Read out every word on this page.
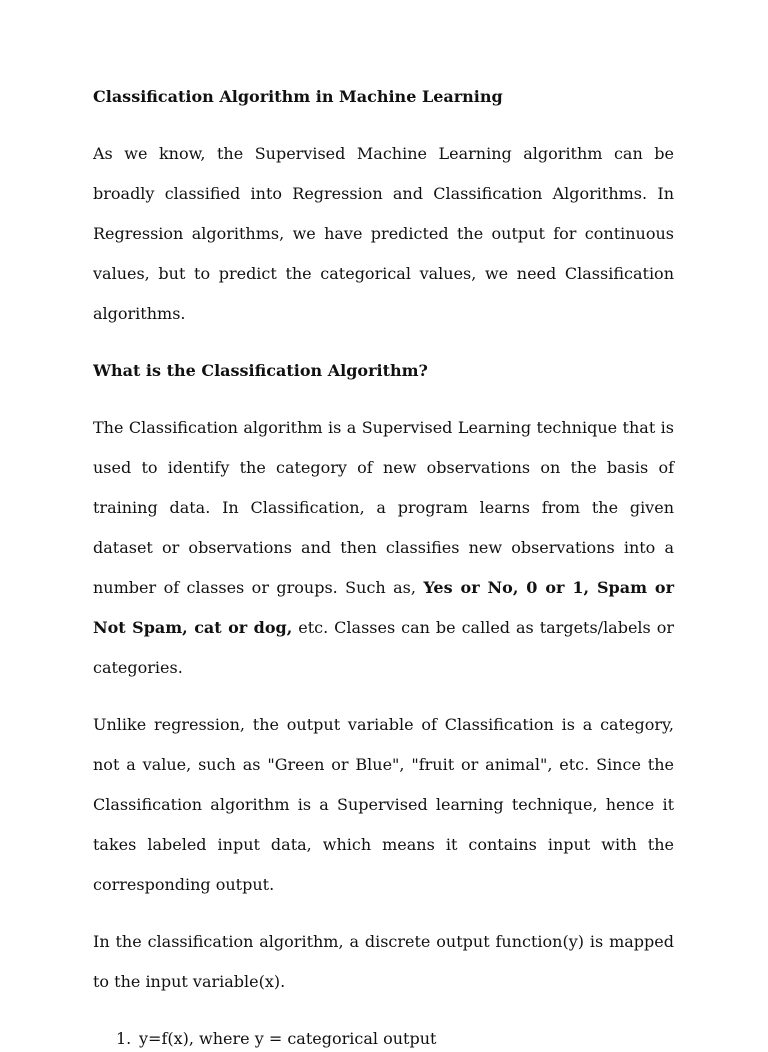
Classification Algorithm in Machine Learning

As we know, the Supervised Machine Learning algorithm can be broadly classified into Regression and Classification Algorithms. In Regression algorithms, we have predicted the output for continuous values, but to predict the categorical values, we need Classification algorithms.

What is the Classification Algorithm?

The Classification algorithm is a Supervised Learning technique that is used to identify the category of new observations on the basis of training data. In Classification, a program learns from the given dataset or observations and then classifies new observations into a number of classes or groups. Such as, Yes or No, 0 or 1, Spam or Not Spam, cat or dog, etc. Classes can be called as targets/labels or categories.

Unlike regression, the output variable of Classification is a category, not a value, such as "Green or Blue", "fruit or animal", etc. Since the Classification algorithm is a Supervised learning technique, hence it takes labeled input data, which means it contains input with the corresponding output.

In the classification algorithm, a discrete output function(y) is mapped to the input variable(x).

1. y=f(x), where y = categorical output
